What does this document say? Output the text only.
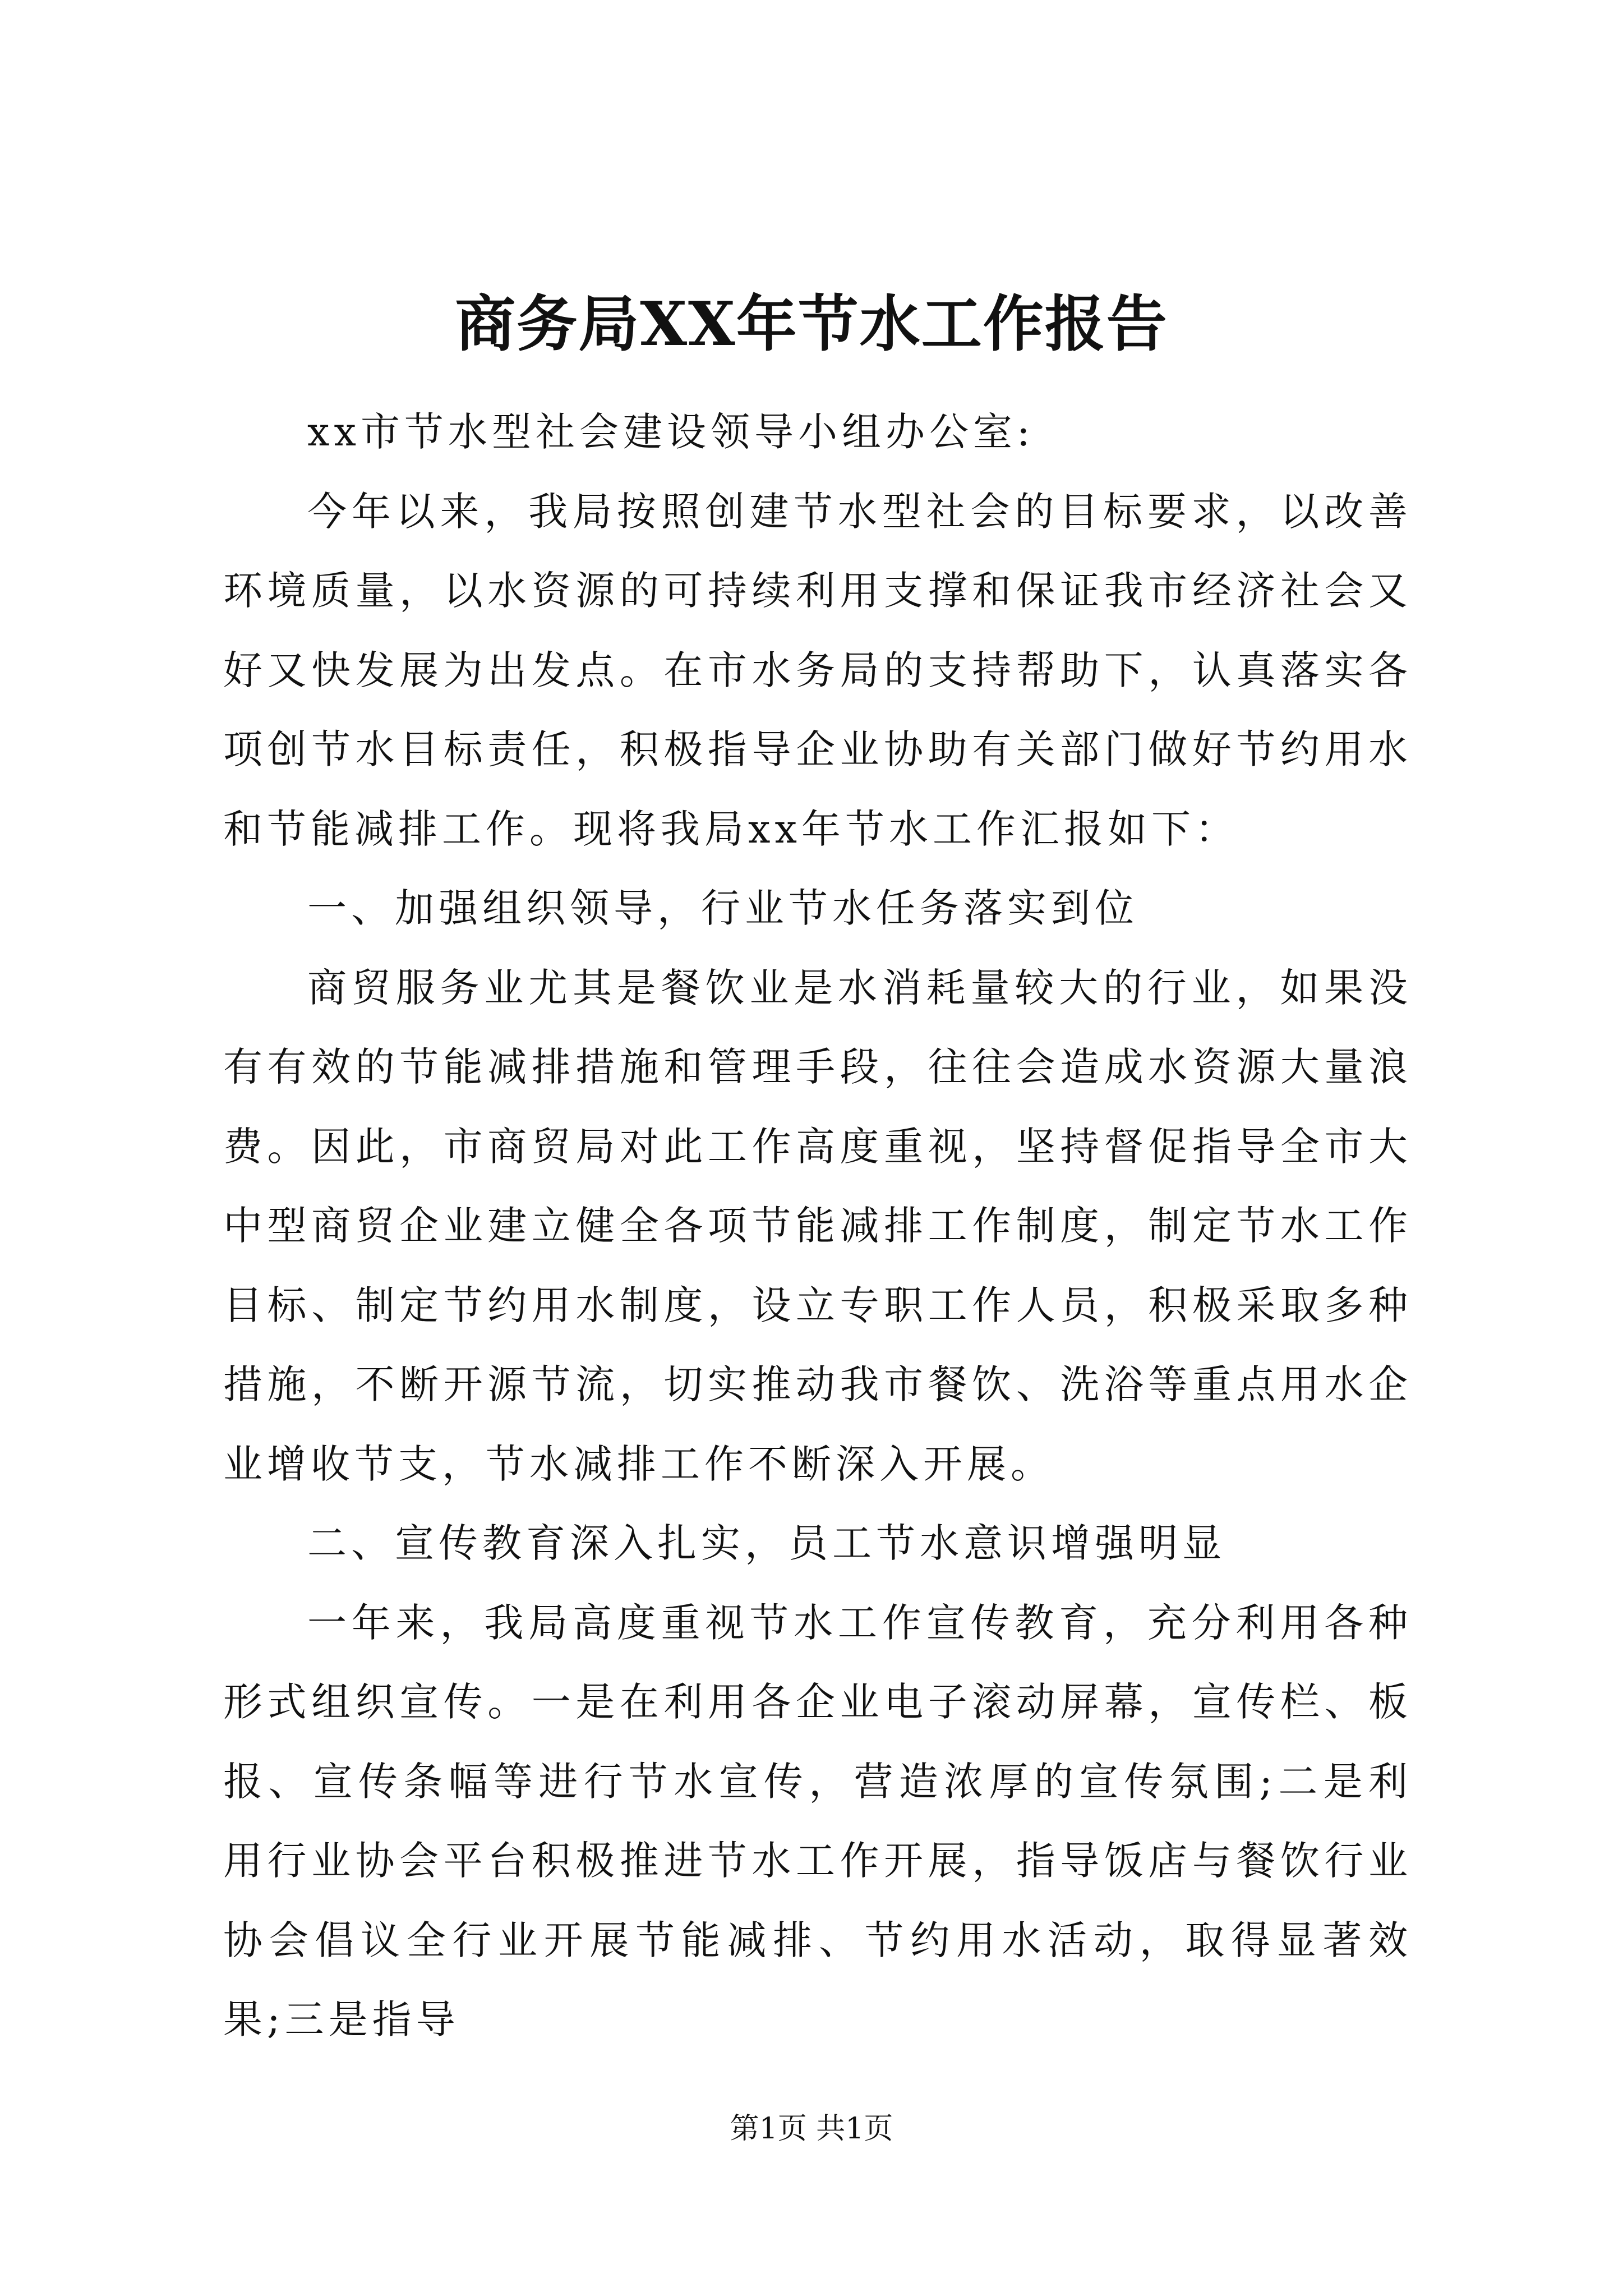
商务局XX年节水工作报告

xx市节水型社会建设领导小组办公室:

今年以来，我局按照创建节水型社会的目标要求，以改善环境质量，以水资源的可持续利用支撑和保证我市经济社会又好又快发展为出发点。在市水务局的支持帮助下，认真落实各项创节水目标责任，积极指导企业协助有关部门做好节约用水和节能减排工作。现将我局xx年节水工作汇报如下：

一、加强组织领导，行业节水任务落实到位

商贸服务业尤其是餐饮业是水消耗量较大的行业，如果没有有效的节能减排措施和管理手段，往往会造成水资源大量浪费。因此，市商贸局对此工作高度重视，坚持督促指导全市大中型商贸企业建立健全各项节能减排工作制度，制定节水工作目标、制定节约用水制度，设立专职工作人员，积极采取多种措施，不断开源节流，切实推动我市餐饮、洗浴等重点用水企业增收节支，节水减排工作不断深入开展。

二、宣传教育深入扎实，员工节水意识增强明显

一年来，我局高度重视节水工作宣传教育，充分利用各种形式组织宣传。一是在利用各企业电子滚动屏幕，宣传栏、板报、宣传条幅等进行节水宣传，营造浓厚的宣传氛围;二是利用行业协会平台积极推进节水工作开展，指导饭店与餐饮行业协会倡议全行业开展节能减排、节约用水活动，取得显著效果;三是指导

第1页 共1页
